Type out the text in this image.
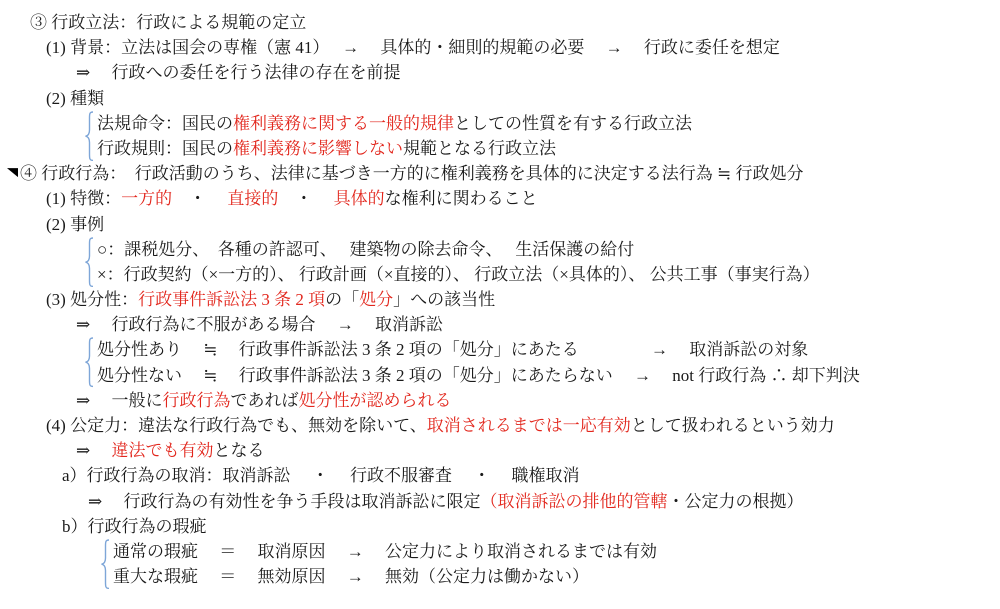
③ 行政立法：行政による規範の定立
(1) 背景：立法は国会の専権（憲 41）　 →　 具体的・細則的規範の必要　 →　 行政に委任を想定
⇒　 行政への委任を行う法律の存在を前提
(2) 種類
法規命令：国民の権利義務に関する一般的規律としての性質を有する行政立法
行政規則：国民の権利義務に影響しない規範となる行政立法
④ 行政行為：　行政活動のうち、法律に基づき一方的に権利義務を具体的に決定する法行為 ≒ 行政処分
(1) 特徴：一方的　・　 直接的　・　 具体的な権利に関わること
(2) 事例
○：課税処分、　各種の許認可、　 建築物の除去命令、　 生活保護の給付
×：行政契約（×一方的）、 行政計画（×直接的）、 行政立法（×具体的）、 公共工事（事実行為）
(3) 処分性：行政事件訴訟法 3 条 2 項の「処分」への該当性
⇒　 行政行為に不服がある場合　 →　 取消訴訟
処分性あり　 ≒　 行政事件訴訟法 3 条 2 項の「処分」にあたる　　　　 →　 取消訴訟の対象
処分性ない　 ≒　 行政事件訴訟法 3 条 2 項の「処分」にあたらない　 →　 not 行政行為 ∴ 却下判決
⇒　 一般に行政行為であれば処分性が認められる
(4) 公定力：違法な行政行為でも、無効を除いて、取消されるまでは一応有効として扱われるという効力
⇒　 違法でも有効となる
a）行政行為の取消：取消訴訟　 ・　 行政不服審査　 ・　 職権取消
⇒　 行政行為の有効性を争う手段は取消訴訟に限定（取消訴訟の排他的管轄・公定力の根拠）
b）行政行為の瑕疵
通常の瑕疵　 ＝　 取消原因　 →　 公定力により取消されるまでは有効
重大な瑕疵　 ＝　 無効原因　 →　 無効（公定力は働かない）
